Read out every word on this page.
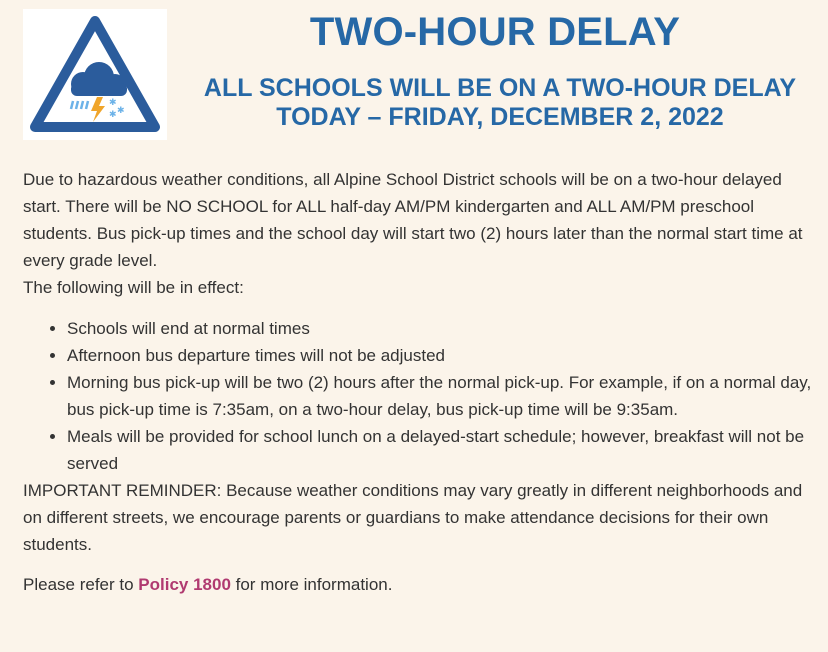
✱
✱
✱
TWO-HOUR DELAY
ALL SCHOOLS WILL BE ON A TWO-HOUR DELAY
TODAY – FRIDAY, DECEMBER 2, 2022

Due to hazardous weather conditions, all Alpine School District schools will be on a two-hour delayed start. There will be NO SCHOOL for ALL half-day AM/PM kindergarten and ALL AM/PM preschool students. Bus pick-up times and the school day will start two (2) hours later than the normal start time at every grade level.

The following will be in effect:

• Schools will end at normal times
• Afternoon bus departure times will not be adjusted
• Morning bus pick-up will be two (2) hours after the normal pick-up. For example, if on a normal day, bus pick-up time is 7:35am, on a two-hour delay, bus pick-up time will be 9:35am.
• Meals will be provided for school lunch on a delayed-start schedule; however, breakfast will not be served

IMPORTANT REMINDER: Because weather conditions may vary greatly in different neighborhoods and on different streets, we encourage parents or guardians to make attendance decisions for their own students.

Please refer to Policy 1800 for more information.
